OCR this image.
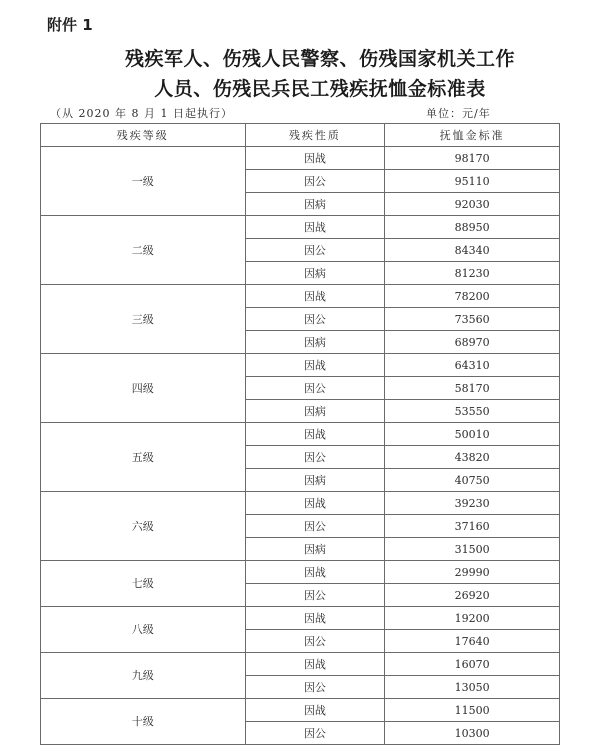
附件 1
残疾军人、伤残人民警察、伤残国家机关工作
人员、伤残民兵民工残疾抚恤金标准表
（从 2020 年 8 月 1 日起执行）	单位：元/年
残疾等级	残疾性质	抚恤金标准
一级	因战	98170
	因公	95110
	因病	92030
二级	因战	88950
	因公	84340
	因病	81230
三级	因战	78200
	因公	73560
	因病	68970
四级	因战	64310
	因公	58170
	因病	53550
五级	因战	50010
	因公	43820
	因病	40750
六级	因战	39230
	因公	37160
	因病	31500
七级	因战	29990
	因公	26920
八级	因战	19200
	因公	17640
九级	因战	16070
	因公	13050
十级	因战	11500
	因公	10300
